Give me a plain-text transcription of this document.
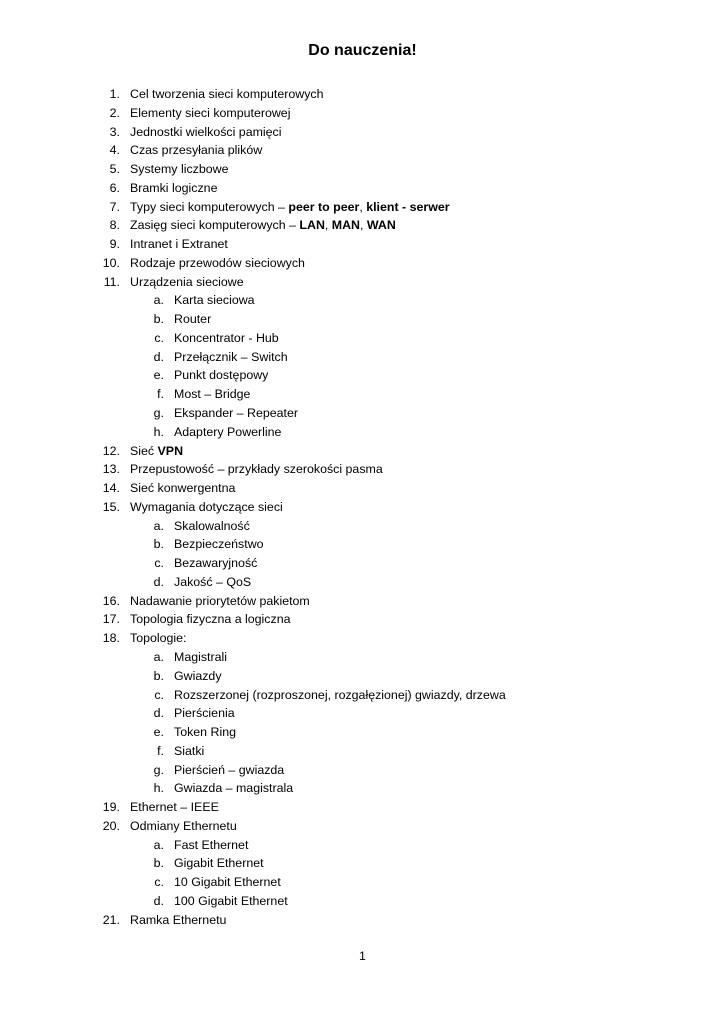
Do nauczenia!
1. Cel tworzenia sieci komputerowych
2. Elementy sieci komputerowej
3. Jednostki wielkości pamięci
4. Czas przesyłania plików
5. Systemy liczbowe
6. Bramki logiczne
7. Typy sieci komputerowych – peer to peer, klient - serwer
8. Zasięg sieci komputerowych – LAN, MAN, WAN
9. Intranet i Extranet
10. Rodzaje przewodów sieciowych
11. Urządzenia sieciowe
a. Karta sieciowa
b. Router
c. Koncentrator - Hub
d. Przełącznik – Switch
e. Punkt dostępowy
f. Most – Bridge
g. Ekspander – Repeater
h. Adaptery Powerline
12. Sieć VPN
13. Przepustowość – przykłady szerokości pasma
14. Sieć konwergentna
15. Wymagania dotyczące sieci
a. Skalowalność
b. Bezpieczeństwo
c. Bezawaryjność
d. Jakość – QoS
16. Nadawanie priorytetów pakietom
17. Topologia fizyczna a logiczna
18. Topologie:
a. Magistrali
b. Gwiazdy
c. Rozszerzonej (rozproszonej, rozgałęzionej) gwiazdy, drzewa
d. Pierścienia
e. Token Ring
f. Siatki
g. Pierścień – gwiazda
h. Gwiazda – magistrala
19. Ethernet – IEEE
20. Odmiany Ethernetu
a. Fast Ethernet
b. Gigabit Ethernet
c. 10 Gigabit Ethernet
d. 100 Gigabit Ethernet
21. Ramka Ethernetu
1
